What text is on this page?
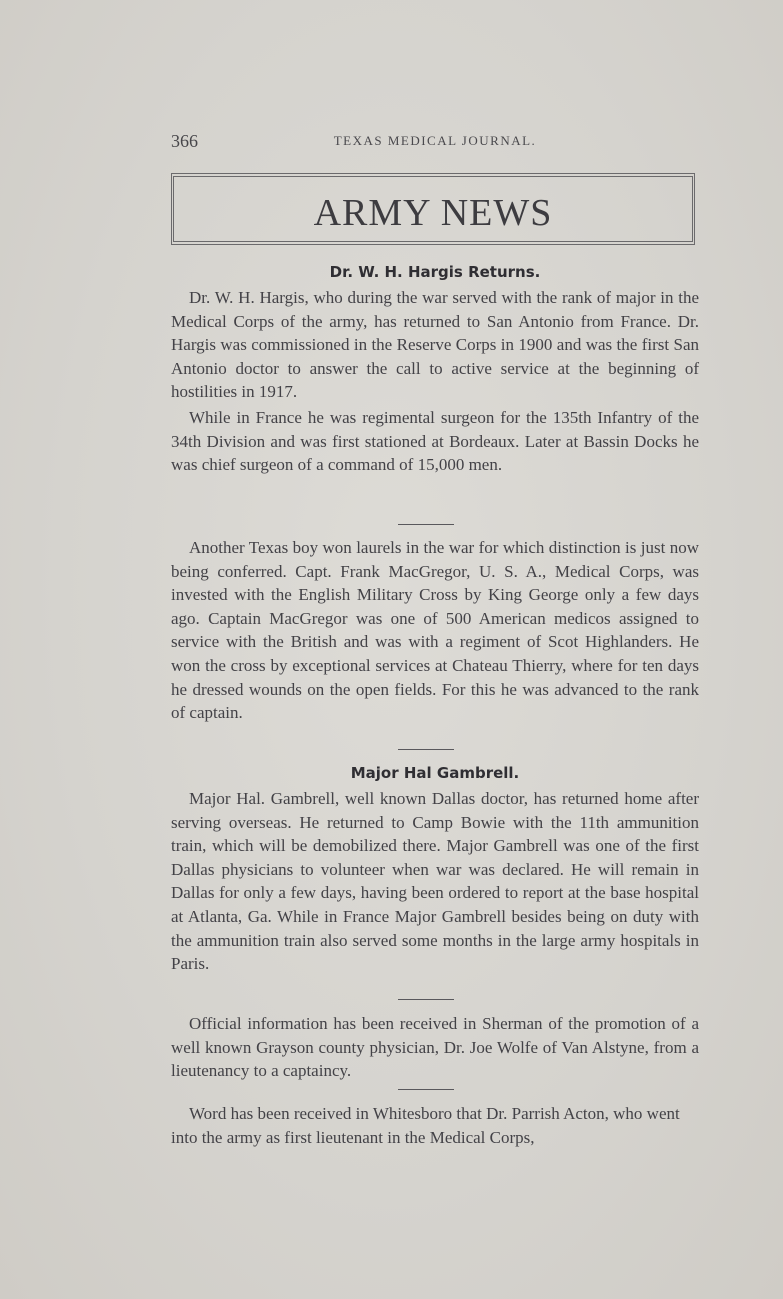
366	TEXAS MEDICAL JOURNAL.
ARMY NEWS
Dr. W. H. Hargis Returns.

Dr. W. H. Hargis, who during the war served with the rank of major in the Medical Corps of the army, has returned to San Antonio from France. Dr. Hargis was commissioned in the Reserve Corps in 1900 and was the first San Antonio doctor to answer the call to active service at the beginning of hostilities in 1917.

While in France he was regimental surgeon for the 135th Infantry of the 34th Division and was first stationed at Bordeaux. Later at Bassin Docks he was chief surgeon of a command of 15,000 men.

Another Texas boy won laurels in the war for which distinction is just now being conferred. Capt. Frank MacGregor, U. S. A., Medical Corps, was invested with the English Military Cross by King George only a few days ago. Captain MacGregor was one of 500 American medicos assigned to service with the British and was with a regiment of Scot Highlanders. He won the cross by exceptional services at Chateau Thierry, where for ten days he dressed wounds on the open fields. For this he was advanced to the rank of captain.

Major Hal Gambrell.

Major Hal. Gambrell, well known Dallas doctor, has returned home after serving overseas. He returned to Camp Bowie with the 11th ammunition train, which will be demobilized there. Major Gambrell was one of the first Dallas physicians to volunteer when war was declared. He will remain in Dallas for only a few days, having been ordered to report at the base hospital at Atlanta, Ga. While in France Major Gambrell besides being on duty with the ammunition train also served some months in the large army hospitals in Paris.

Official information has been received in Sherman of the promotion of a well known Grayson county physician, Dr. Joe Wolfe of Van Alstyne, from a lieutenancy to a captaincy.

Word has been received in Whitesboro that Dr. Parrish Acton, who went into the army as first lieutenant in the Medical Corps,
